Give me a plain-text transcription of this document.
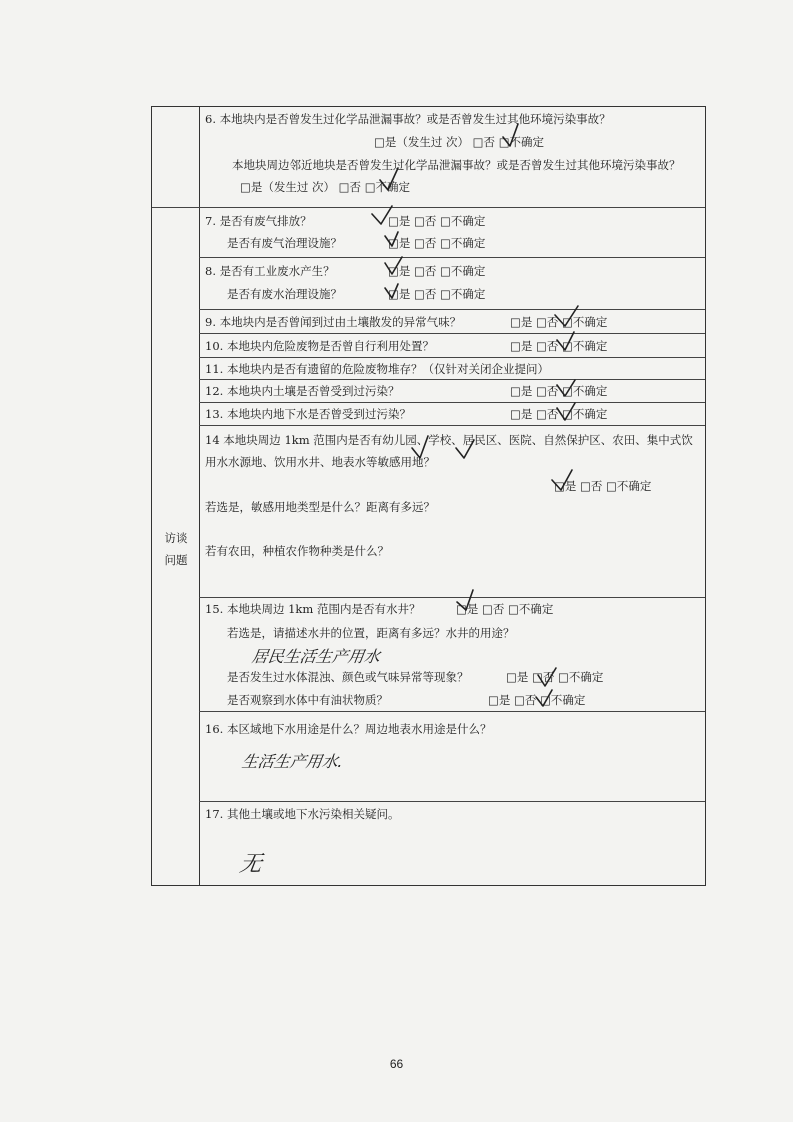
访谈
问题
6. 本地块内是否曾发生过化学品泄漏事故？或是否曾发生过其他环境污染事故？
□是（发生过 次） □否 □不确定
本地块周边邻近地块是否曾发生过化学品泄漏事故？或是否曾发生过其他环境污染事故？
□是（发生过 次） □否 □不确定
7. 是否有废气排放？	□是 □否 □不确定
是否有废气治理设施？	□是 □否 □不确定
8. 是否有工业废水产生？	□是 □否 □不确定
是否有废水治理设施？	□是 □否 □不确定
9. 本地块内是否曾闻到过由土壤散发的异常气味？	□是 □否 □不确定
10. 本地块内危险废物是否曾自行利用处置？	□是 □否 □不确定
11. 本地块内是否有遗留的危险废物堆存？（仅针对关闭企业提问）
12. 本地块内土壤是否曾受到过污染？	□是 □否 □不确定
13. 本地块内地下水是否曾受到过污染？	□是 □否 □不确定
14 本地块周边 1km 范围内是否有幼儿园、学校、居民区、医院、自然保护区、农田、集中式饮
用水水源地、饮用水井、地表水等敏感用地？
□是 □否 □不确定
若选是，敏感用地类型是什么？距离有多远？
若有农田，种植农作物种类是什么？
15. 本地块周边 1km 范围内是否有水井？	□是 □否 □不确定
若选是，请描述水井的位置，距离有多远？水井的用途？
居民生活生产用水
是否发生过水体混浊、颜色或气味异常等现象？	□是 □否 □不确定
是否观察到水体中有油状物质？	□是 □否 □不确定
16. 本区域地下水用途是什么？周边地表水用途是什么？
生活生产用水.
17. 其他土壤或地下水污染相关疑问。
无
66
